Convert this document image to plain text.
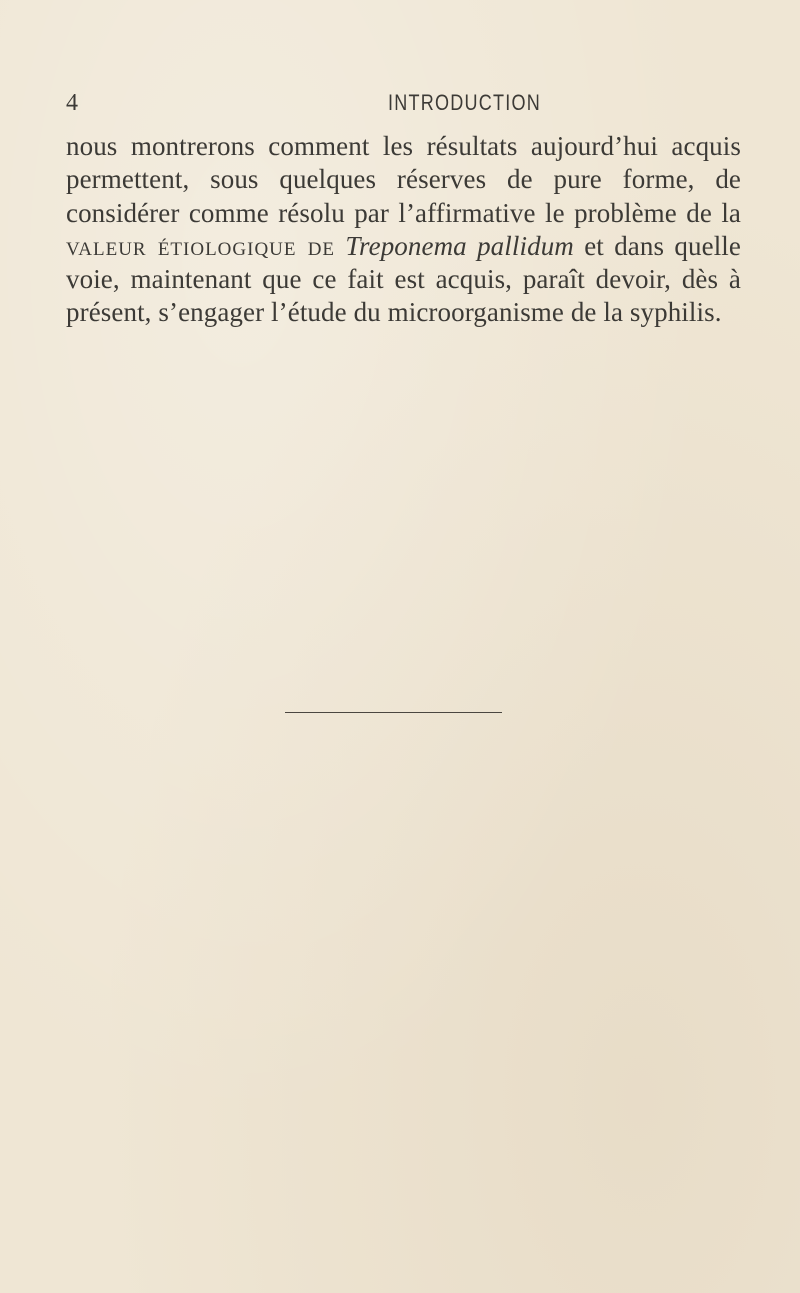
4	INTRODUCTION

nous montrerons comment les résultats aujourd’hui acquis permettent, sous quelques réserves de pure forme, de considérer comme résolu par l’affirmative le problème de la valeur étiologique de Treponema pallidum et dans quelle voie, maintenant que ce fait est acquis, paraît devoir, dès à présent, s’engager l’étude du microorganisme de la syphilis.
